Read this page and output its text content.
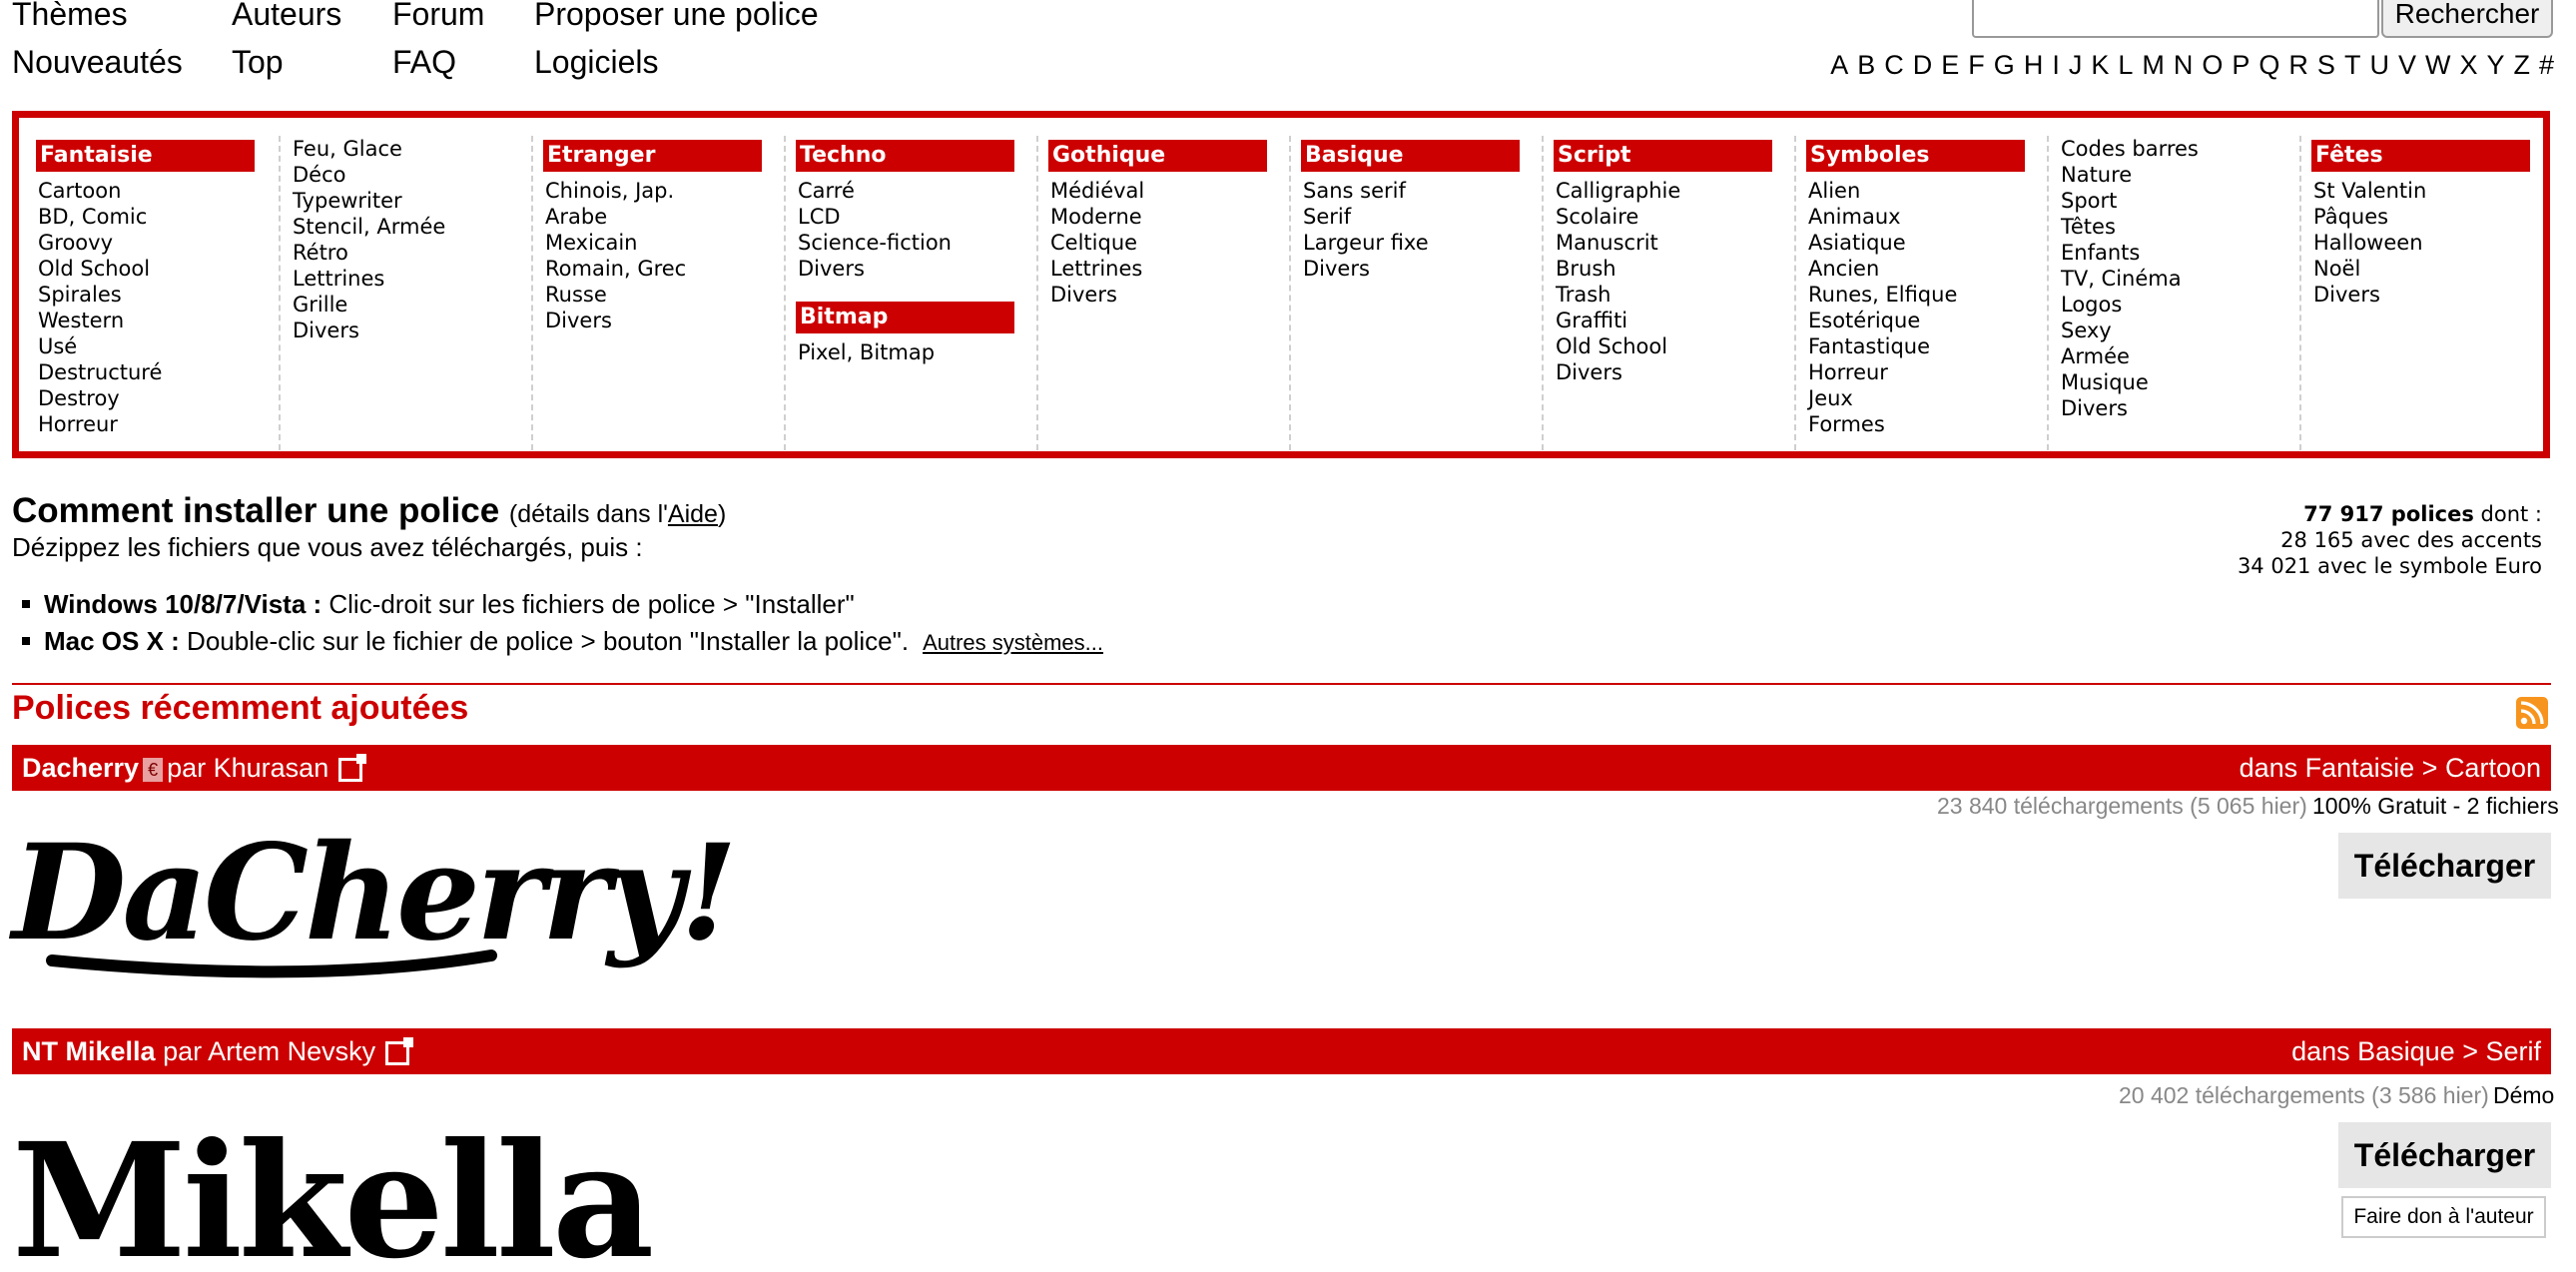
Thèmes	Auteurs Forum Proposer une police
Nouveautés Top	FAQ Logiciels
Rechercher
A B C D E F G H I J K L M N O P Q R S T U V W X Y Z #
Fantaisie
Cartoon
BD, Comic
Groovy
Old School
Spirales
Western
Usé
Destructuré
Destroy
Horreur
Feu, Glace
Déco
Typewriter
Stencil, Armée
Rétro
Lettrines
Grille
Divers
Etranger
Chinois, Jap.
Arabe
Mexicain
Romain, Grec
Russe
Divers
Techno
Carré
LCD
Science-fiction
Divers
Bitmap
Pixel, Bitmap
Gothique
Médiéval
Moderne
Celtique
Lettrines
Divers
Basique
Sans serif
Serif
Largeur fixe
Divers
Script
Calligraphie
Scolaire
Manuscrit
Brush
Trash
Graffiti
Old School
Divers
Symboles
Alien
Animaux
Asiatique
Ancien
Runes, Elfique
Esotérique
Fantastique
Horreur
Jeux
Formes
Codes barres
Nature
Sport
Têtes
Enfants
TV, Cinéma
Logos
Sexy
Armée
Musique
Divers
Fêtes
St Valentin
Pâques
Halloween
Noël
Divers
Comment installer une police (détails dans l'Aide)
Dézippez les fichiers que vous avez téléchargés, puis :
Windows 10/8/7/Vista : Clic-droit sur les fichiers de police > "Installer"
Mac OS X : Double-clic sur le fichier de police > bouton "Installer la police". Autres systèmes...
77 917 polices dont :
28 165 avec des accents
34 021 avec le symbole Euro
Polices récemment ajoutées
Dacherry € par Khurasan	dans Fantaisie > Cartoon
23 840 téléchargements (5 065 hier) 100% Gratuit - 2 fichiers
Télécharger
DaCherry!
NT Mikella par Artem Nevsky	dans Basique > Serif
20 402 téléchargements (3 586 hier) Démo
Télécharger
Faire don à l'auteur
Mikella
